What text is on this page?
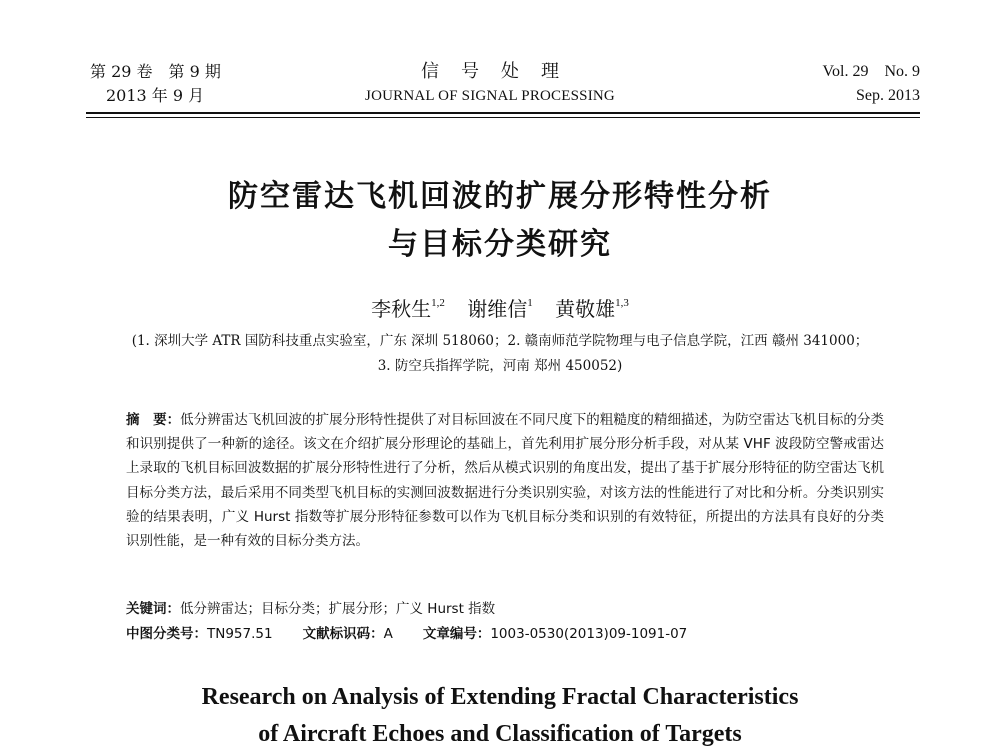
第 29 卷　第 9 期
2013 年 9 月
信号处理
JOURNAL OF SIGNAL PROCESSING
Vol. 29　No. 9
Sep. 2013
防空雷达飞机回波的扩展分形特性分析
与目标分类研究
李秋生$^{1,2}$ 谢维信$^1$ 黄敬雄$^{1,3}$
(1. 深圳大学 ATR 国防科技重点实验室，广东 深圳 518060；2. 赣南师范学院物理与电子信息学院，江西 赣州 341000；
3. 防空兵指挥学院，河南 郑州 450052)
摘　要：低分辨雷达飞机回波的扩展分形特性提供了对目标回波在不同尺度下的粗糙度的精细描述，为防空雷达飞机目标的分类和识别提供了一种新的途径。该文在介绍扩展分形理论的基础上，首先利用扩展分形分析手段，对从某 VHF 波段防空警戒雷达上录取的飞机目标回波数据的扩展分形特性进行了分析，然后从模式识别的角度出发，提出了基于扩展分形特征的防空雷达飞机目标分类方法，最后采用不同类型飞机目标的实测回波数据进行分类识别实验，对该方法的性能进行了对比和分析。分类识别实验的结果表明，广义 Hurst 指数等扩展分形特征参数可以作为飞机目标分类和识别的有效特征，所提出的方法具有良好的分类识别性能，是一种有效的目标分类方法。
关键词：低分辨雷达；目标分类；扩展分形；广义 Hurst 指数
中图分类号：TN957.51 文献标识码：A 文章编号：1003-0530(2013)09-1091-07
Research on Analysis of Extending Fractal Characteristics
of Aircraft Echoes and Classification of Targets
